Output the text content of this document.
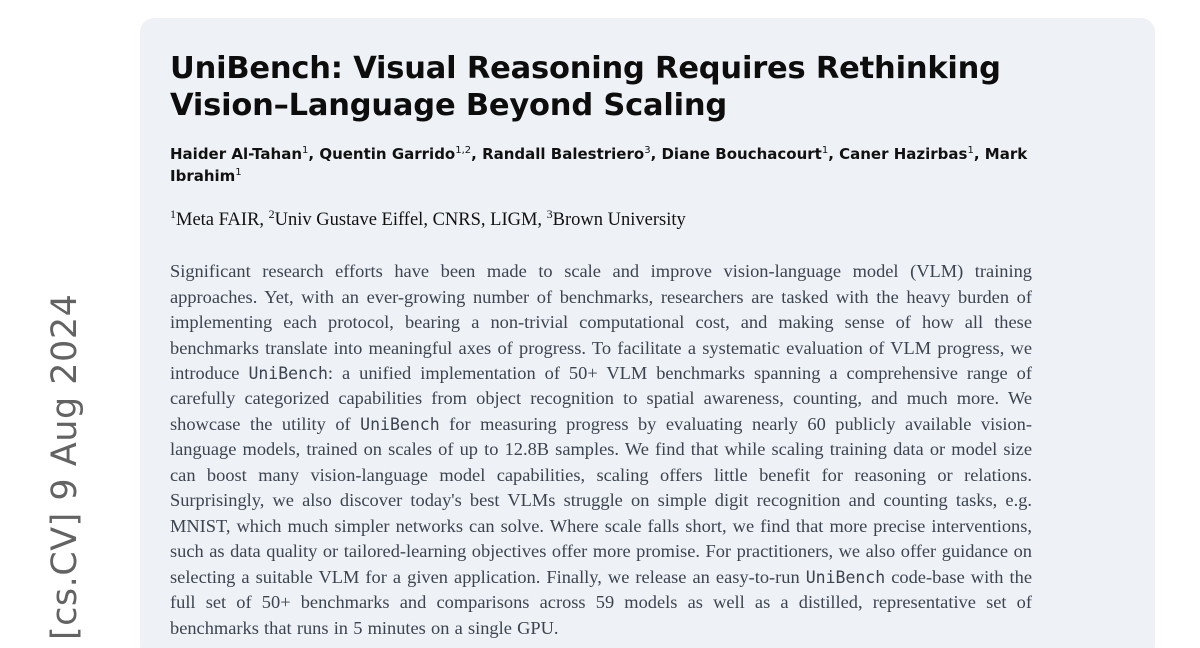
[cs.CV] 9 Aug 2024
UniBench: Visual Reasoning Requires Rethinking Vision–Language Beyond Scaling
Haider Al-Tahan$^1$, Quentin Garrido$^{1,2}$, Randall Balestriero$^3$, Diane Bouchacourt$^1$, Caner Hazirbas$^1$, Mark Ibrahim$^1$
$^1$Meta FAIR, $^2$Univ Gustave Eiffel, CNRS, LIGM, $^3$Brown University
Significant research efforts have been made to scale and improve vision-language model (VLM) training approaches. Yet, with an ever-growing number of benchmarks, researchers are tasked with the heavy burden of implementing each protocol, bearing a non-trivial computational cost, and making sense of how all these benchmarks translate into meaningful axes of progress. To facilitate a systematic evaluation of VLM progress, we introduce UniBench: a unified implementation of 50+ VLM benchmarks spanning a comprehensive range of carefully categorized capabilities from object recognition to spatial awareness, counting, and much more. We showcase the utility of UniBench for measuring progress by evaluating nearly 60 publicly available vision-language models, trained on scales of up to 12.8B samples. We find that while scaling training data or model size can boost many vision-language model capabilities, scaling offers little benefit for reasoning or relations. Surprisingly, we also discover today's best VLMs struggle on simple digit recognition and counting tasks, e.g. MNIST, which much simpler networks can solve. Where scale falls short, we find that more precise interventions, such as data quality or tailored-learning objectives offer more promise. For practitioners, we also offer guidance on selecting a suitable VLM for a given application. Finally, we release an easy-to-run UniBench code-base with the full set of 50+ benchmarks and comparisons across 59 models as well as a distilled, representative set of benchmarks that runs in 5 minutes on a single GPU.
